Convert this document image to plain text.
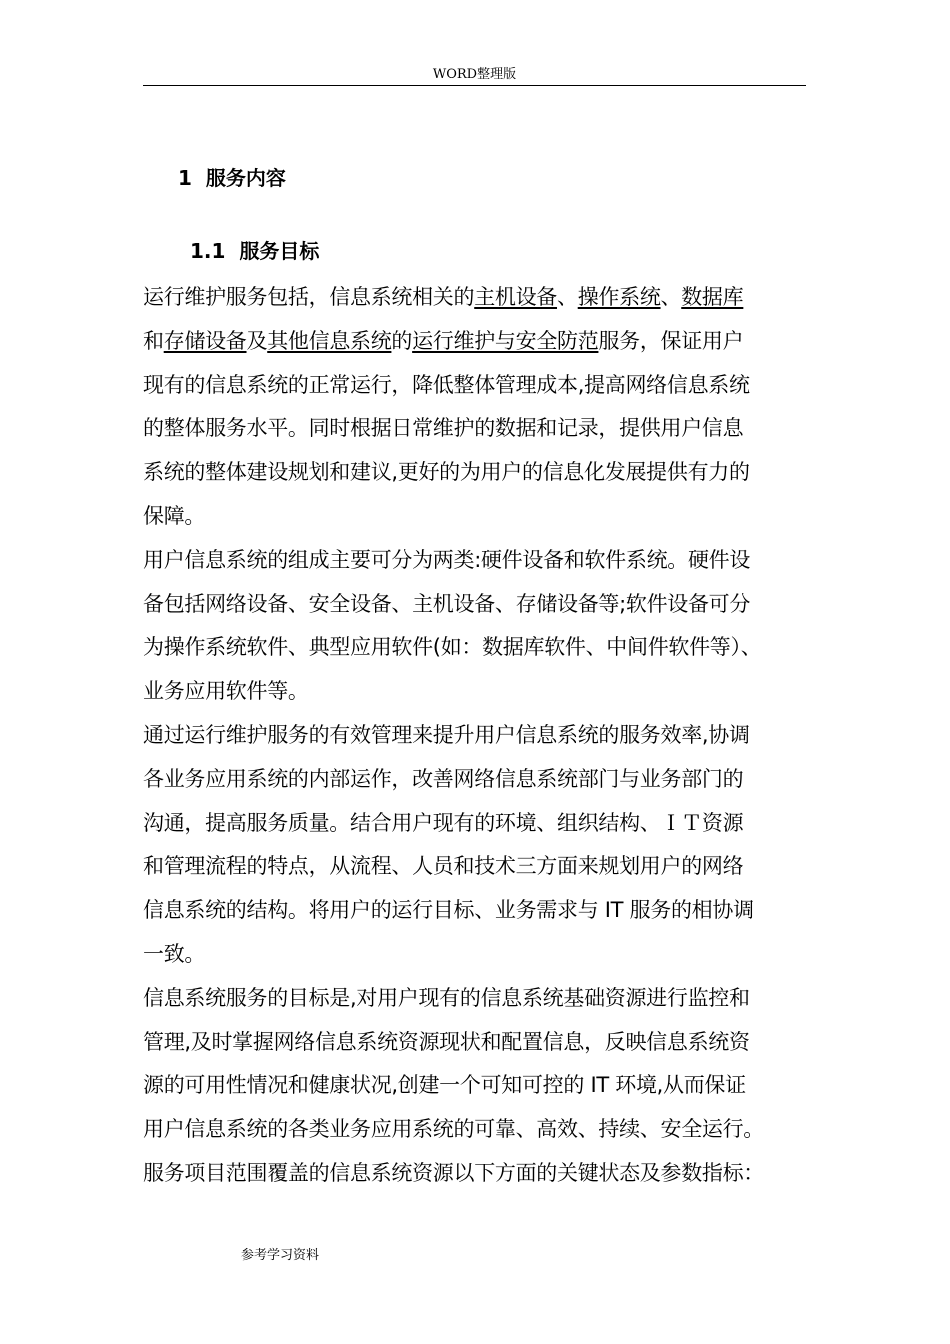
WORD整理版
1 服务内容
1.1 服务目标

运行维护服务包括，信息系统相关的主机设备、操作系统、数据库
和存储设备及其他信息系统的运行维护与安全防范服务，保证用户
现有的信息系统的正常运行，降低整体管理成本,提高网络信息系统
的整体服务水平。同时根据日常维护的数据和记录，提供用户信息
系统的整体建设规划和建议,更好的为用户的信息化发展提供有力的
保障。

用户信息系统的组成主要可分为两类:硬件设备和软件系统。硬件设
备包括网络设备、安全设备、主机设备、存储设备等;软件设备可分
为操作系统软件、典型应用软件(如：数据库软件、中间件软件等）、
业务应用软件等。

通过运行维护服务的有效管理来提升用户信息系统的服务效率,协调
各业务应用系统的内部运作，改善网络信息系统部门与业务部门的
沟通，提高服务质量。结合用户现有的环境、组织结构、ＩＴ资源
和管理流程的特点，从流程、人员和技术三方面来规划用户的网络
信息系统的结构。将用户的运行目标、业务需求与 IT 服务的相协调
一致。

信息系统服务的目标是,对用户现有的信息系统基础资源进行监控和
管理,及时掌握网络信息系统资源现状和配置信息，反映信息系统资
源的可用性情况和健康状况,创建一个可知可控的 IT 环境,从而保证
用户信息系统的各类业务应用系统的可靠、高效、持续、安全运行。

服务项目范围覆盖的信息系统资源以下方面的关键状态及参数指标：

参考学习资料
